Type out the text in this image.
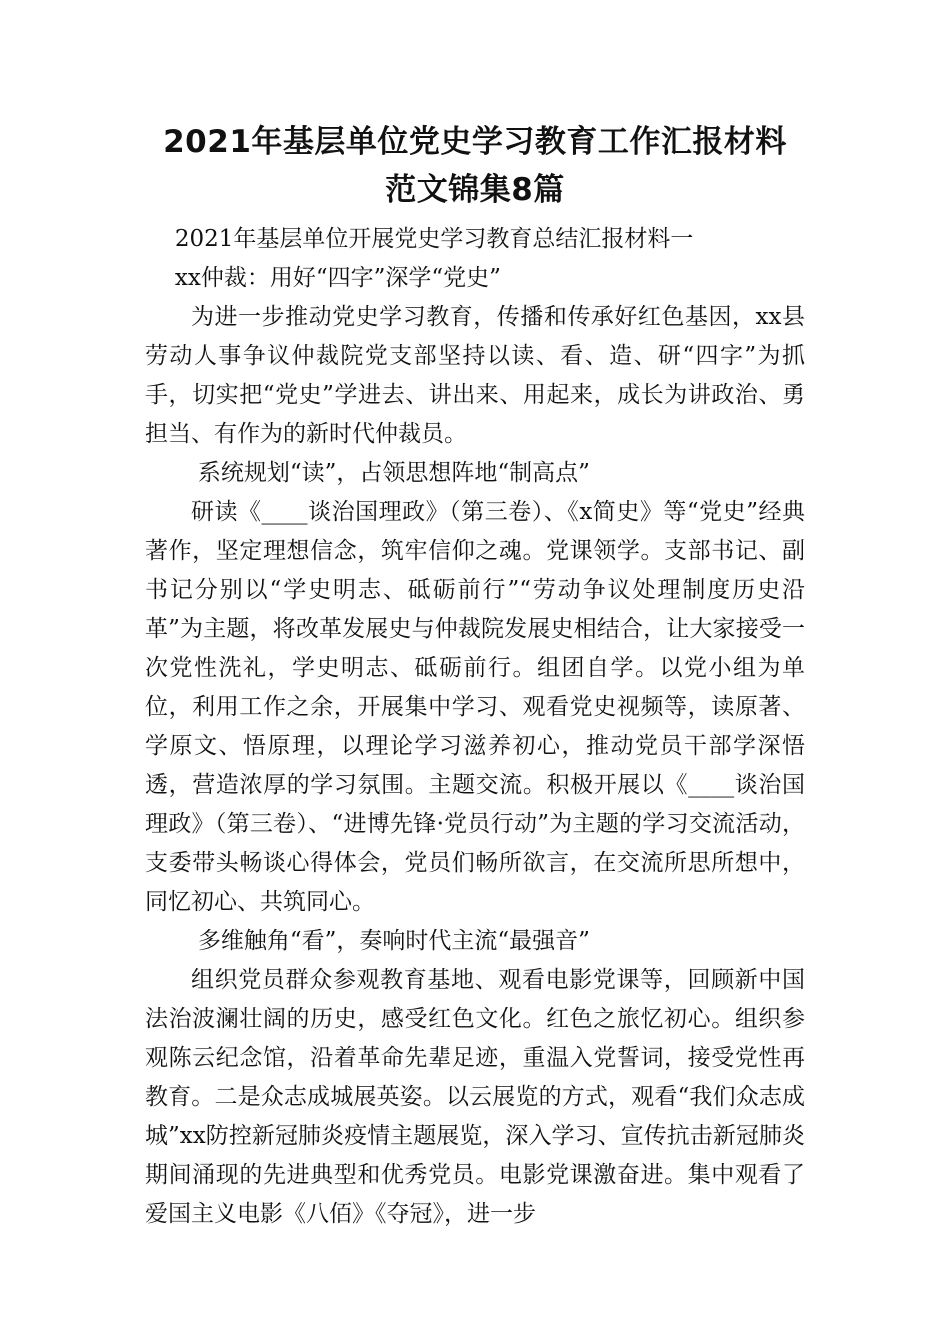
2021年基层单位党史学习教育工作汇报材料
范文锦集8篇

2021年基层单位开展党史学习教育总结汇报材料一

xx仲裁：用好“四字”深学“党史”

为进一步推动党史学习教育，传播和传承好红色基因，xx县劳动人事争议仲裁院党支部坚持以读、看、造、研“四字”为抓手，切实把“党史”学进去、讲出来、用起来，成长为讲政治、勇担当、有作为的新时代仲裁员。

系统规划“读”，占领思想阵地“制高点”

研读《____谈治国理政》（第三卷）、《x简史》等“党史”经典著作，坚定理想信念，筑牢信仰之魂。党课领学。支部书记、副书记分别以“学史明志、砥砺前行”“劳动争议处理制度历史沿革”为主题，将改革发展史与仲裁院发展史相结合，让大家接受一次党性洗礼，学史明志、砥砺前行。组团自学。以党小组为单位，利用工作之余，开展集中学习、观看党史视频等，读原著、学原文、悟原理，以理论学习滋养初心，推动党员干部学深悟透，营造浓厚的学习氛围。主题交流。积极开展以《____谈治国理政》（第三卷）、“进博先锋·党员行动”为主题的学习交流活动，支委带头畅谈心得体会，党员们畅所欲言，在交流所思所想中，同忆初心、共筑同心。

多维触角“看”，奏响时代主流“最强音”

组织党员群众参观教育基地、观看电影党课等，回顾新中国法治波澜壮阔的历史，感受红色文化。红色之旅忆初心。组织参观陈云纪念馆，沿着革命先辈足迹，重温入党誓词，接受党性再教育。二是众志成城展英姿。以云展览的方式，观看“我们众志成城”xx防控新冠肺炎疫情主题展览，深入学习、宣传抗击新冠肺炎期间涌现的先进典型和优秀党员。电影党课激奋进。集中观看了爱国主义电影《八佰》《夺冠》，进一步
